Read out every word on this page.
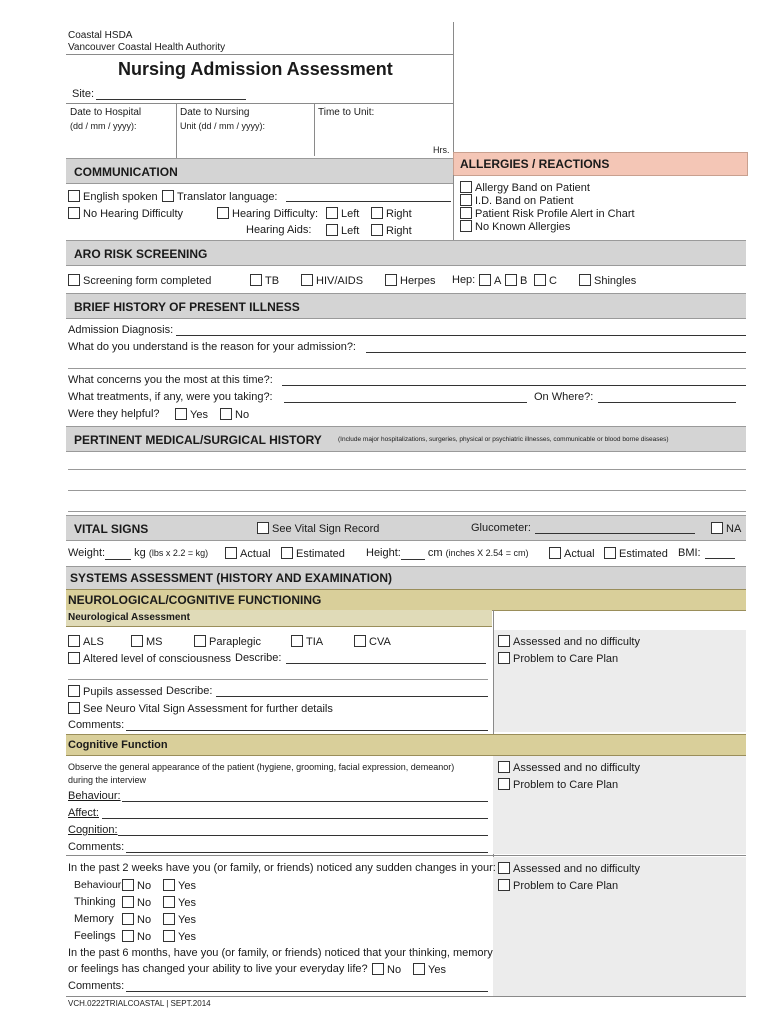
Coastal HSDA
Vancouver Coastal Health Authority
Nursing Admission Assessment
Site:
Date to Hospital
(dd / mm / yyyy):
Date to Nursing
Unit (dd / mm / yyyy):
Time to Unit:
Hrs.
ALLERGIES / REACTIONS
Allergy Band on Patient
I.D. Band on Patient
Patient Risk Profile Alert in Chart
No Known Allergies
COMMUNICATION
English spoken	Translator language:
No Hearing Difficulty	Hearing Difficulty:	Left	Right
Hearing Aids:	Left	Right
ARO RISK SCREENING
Screening form completed	TB	HIV/AIDS	Herpes Hep:	A	B	C	Shingles
BRIEF HISTORY OF PRESENT ILLNESS
Admission Diagnosis:
What do you understand is the reason for your admission?:
What concerns you the most at this time?:
What treatments, if any, were you taking?:	On Where?:
Were they helpful?	Yes	No
PERTINENT MEDICAL/SURGICAL HISTORY (Include major hospitalizations, surgeries, physical or psychiatric illnesses, communicable or blood borne diseases)
VITAL SIGNS	See Vital Sign Record	Glucometer:	NA
Weight:	kg (lbs x 2.2 = kg)	Actual	Estimated Height: cm (inches X 2.54 = cm)	Actual	Estimated BMI:
SYSTEMS ASSESSMENT (HISTORY AND EXAMINATION)
NEUROLOGICAL/COGNITIVE FUNCTIONING
Neurological Assessment
Assessed and no difficulty
Problem to Care Plan
ALS	MS	Paraplegic	TIA	CVA
Altered level of consciousness Describe:
Pupils assessed Describe:
See Neuro Vital Sign Assessment for further details
Comments:
Cognitive Function
Assessed and no difficulty
Problem to Care Plan
Observe the general appearance of the patient (hygiene, grooming, facial expression, demeanor)
during the interview
Behaviour:
Affect:
Cognition:
Comments:
Assessed and no difficulty
Problem to Care Plan
In the past 2 weeks have you (or family, or friends) noticed any sudden changes in your:
Behaviour	No	Yes
Thinking	No	Yes
Memory	No	Yes
Feelings	No	Yes
In the past 6 months, have you (or family, or friends) noticed that your thinking, memory
or feelings has changed your ability to live your everyday life?	No	Yes
Comments:
VCH.0222TRIALCOASTAL | SEPT.2014
